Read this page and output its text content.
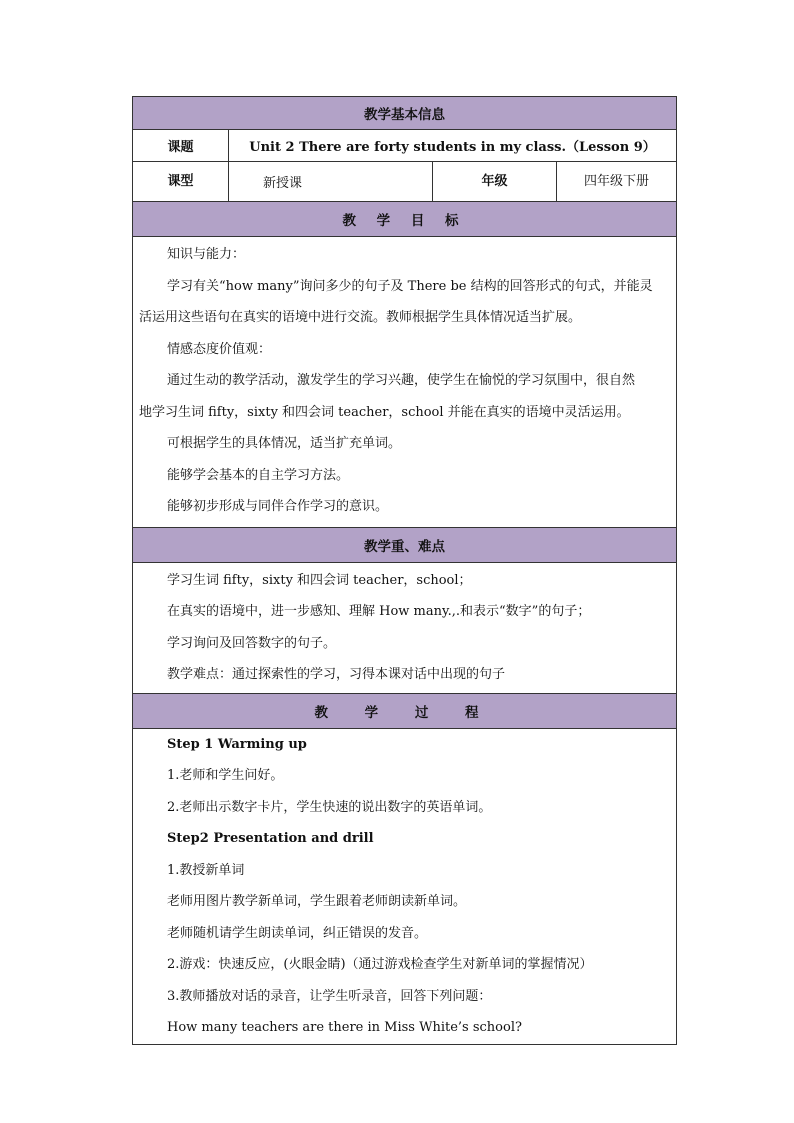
教学基本信息
课题	Unit 2 There are forty students in my class.（Lesson 9）
课型	新授课	年级	四年级下册
教 学 目 标
知识与能力：
学习有关“how many”询问多少的句子及 There be 结构的回答形式的句式，并能灵
活运用这些语句在真实的语境中进行交流。教师根据学生具体情况适当扩展。
情感态度价值观：
通过生动的教学活动，激发学生的学习兴趣，使学生在愉悦的学习氛围中，很自然
地学习生词 fifty，sixty 和四会词 teacher，school 并能在真实的语境中灵活运用。
可根据学生的具体情况，适当扩充单词。
能够学会基本的自主学习方法。
能够初步形成与同伴合作学习的意识。
教学重、难点
学习生词 fifty，sixty 和四会词 teacher，school；
在真实的语境中，进一步感知、理解 How many.,.和表示“数字”的句子；
学习询问及回答数字的句子。
教学难点：通过探索性的学习，习得本课对话中出现的句子
教 学 过 程
Step 1 Warming up
1.老师和学生问好。
2.老师出示数字卡片，学生快速的说出数字的英语单词。
Step2 Presentation and drill
1.教授新单词
老师用图片教学新单词，学生跟着老师朗读新单词。
老师随机请学生朗读单词，纠正错误的发音。
2.游戏：快速反应，(火眼金睛)（通过游戏检查学生对新单词的掌握情况）
3.教师播放对话的录音，让学生听录音，回答下列问题：
How many teachers are there in Miss White’s school?
